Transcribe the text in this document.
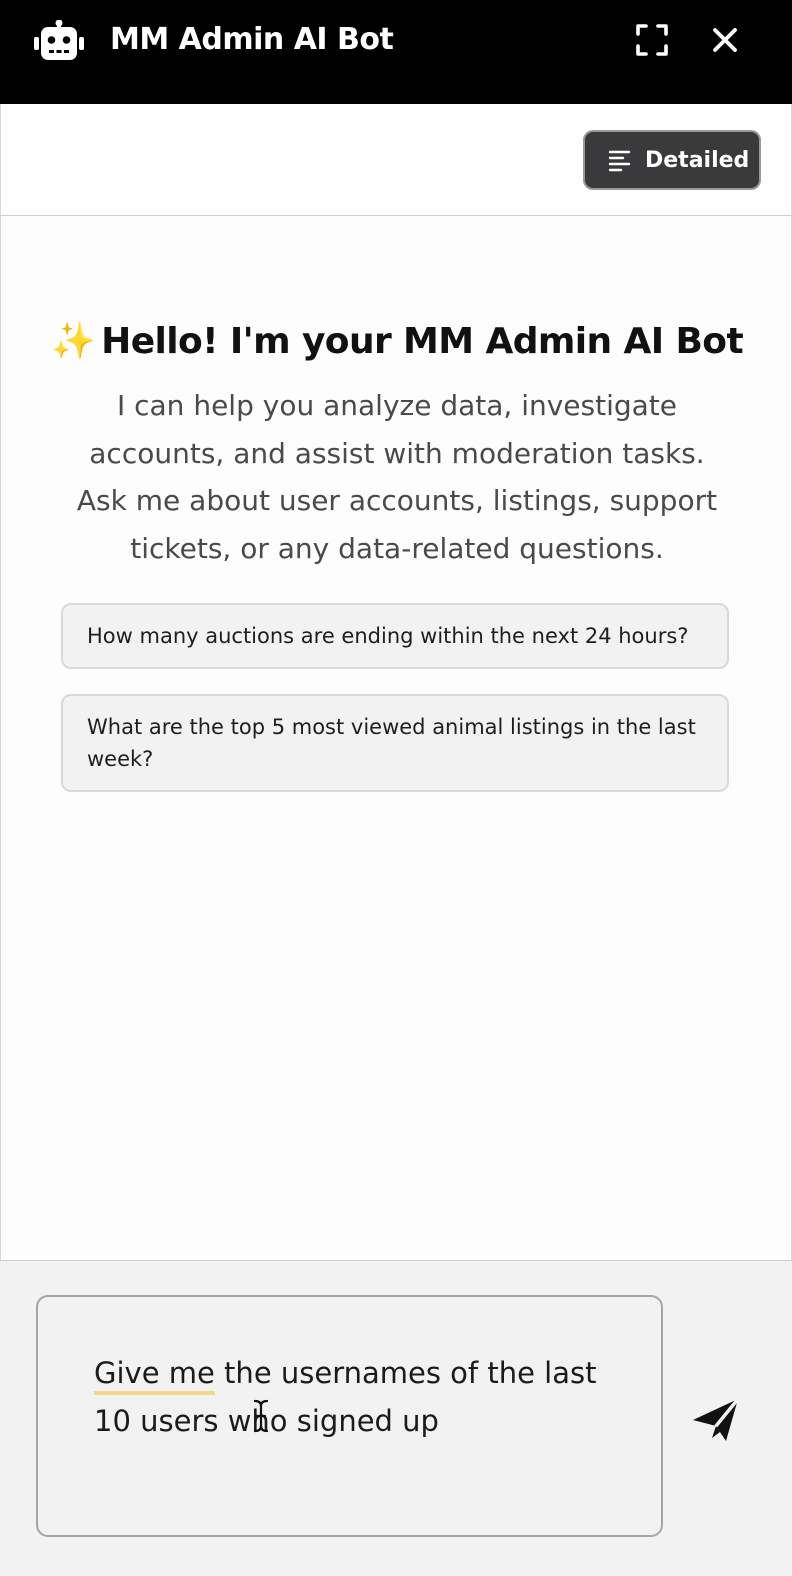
MM Admin AI Bot
Detailed
✨ Hello! I'm your MM Admin AI Bot
I can help you analyze data, investigate
accounts, and assist with moderation tasks.
Ask me about user accounts, listings, support
tickets, or any data-related questions.
How many auctions are ending within the next 24 hours?
What are the top 5 most viewed animal listings in the last week?
Give me the usernames of the last 10 users who signed up
